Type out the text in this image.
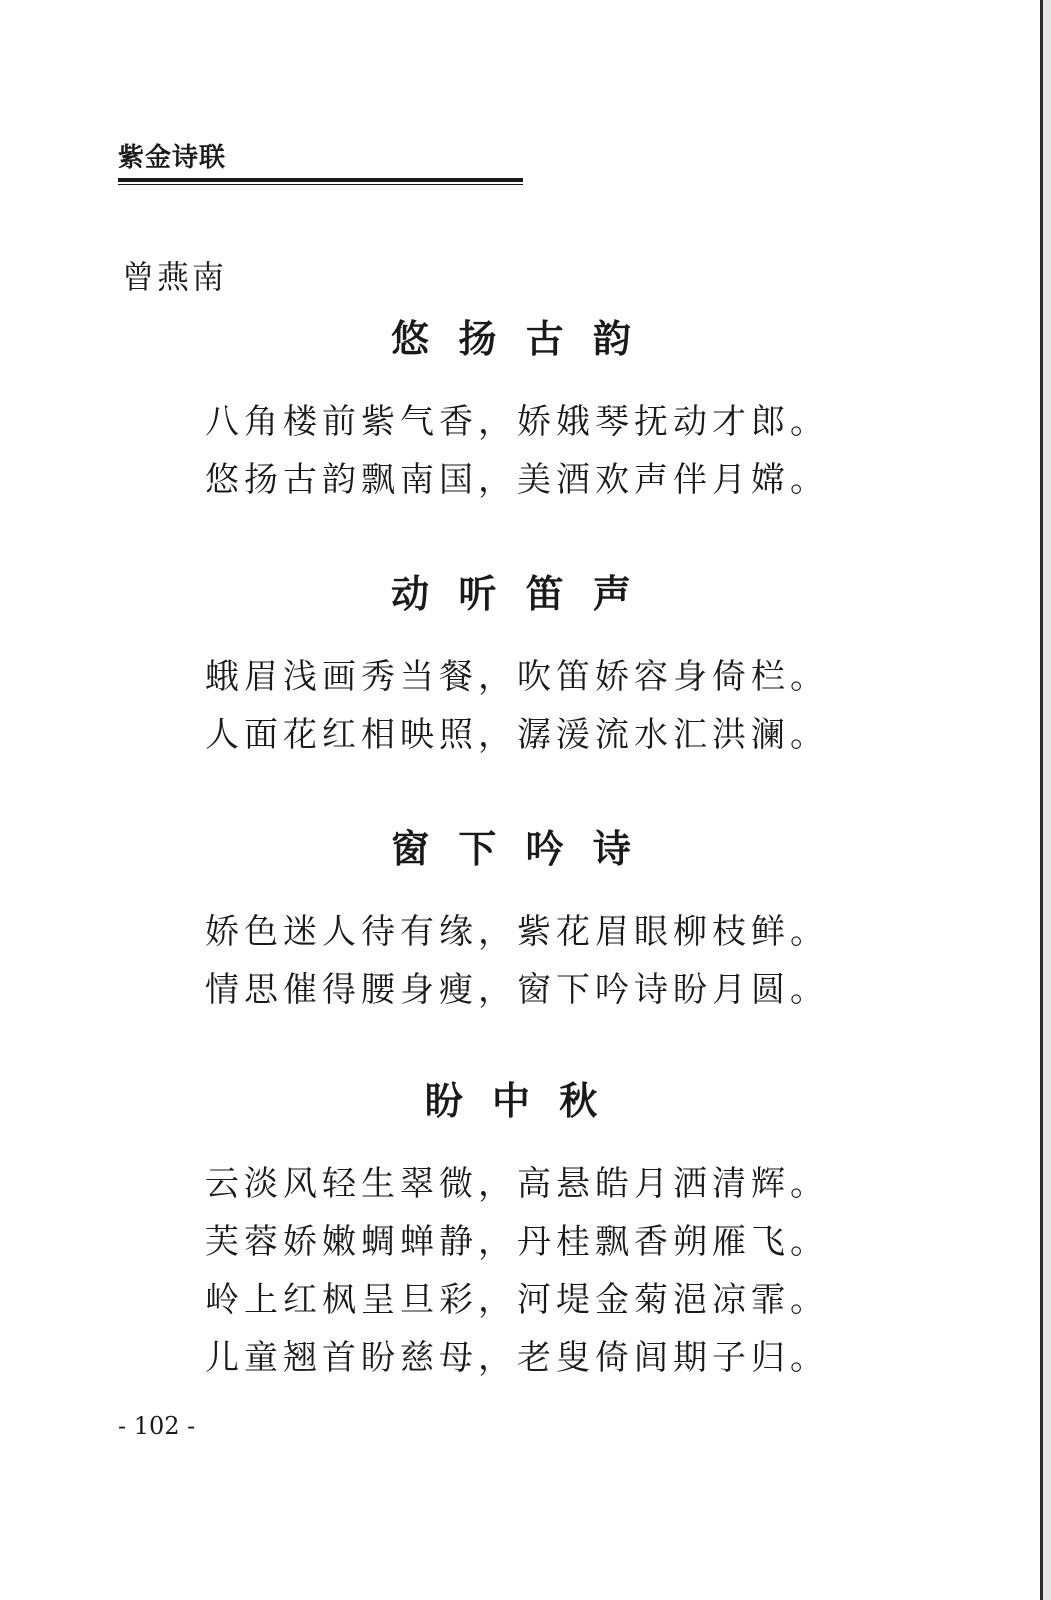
紫金诗联
曾燕南
悠 扬 古 韵
八角楼前紫气香，娇娥琴抚动才郎。
悠扬古韵飘南国，美酒欢声伴月嫦。
动 听 笛 声
蛾眉浅画秀当餐，吹笛娇容身倚栏。
人面花红相映照，潺湲流水汇洪澜。
窗 下 吟 诗
娇色迷人待有缘，紫花眉眼柳枝鲜。
情思催得腰身瘦，窗下吟诗盼月圆。
盼 中 秋
云淡风轻生翠微，高悬皓月洒清辉。
芙蓉娇嫩蜩蝉静，丹桂飘香朔雁飞。
岭上红枫呈旦彩，河堤金菊浥凉霏。
儿童翘首盼慈母，老叟倚闾期子归。
- 102 -
